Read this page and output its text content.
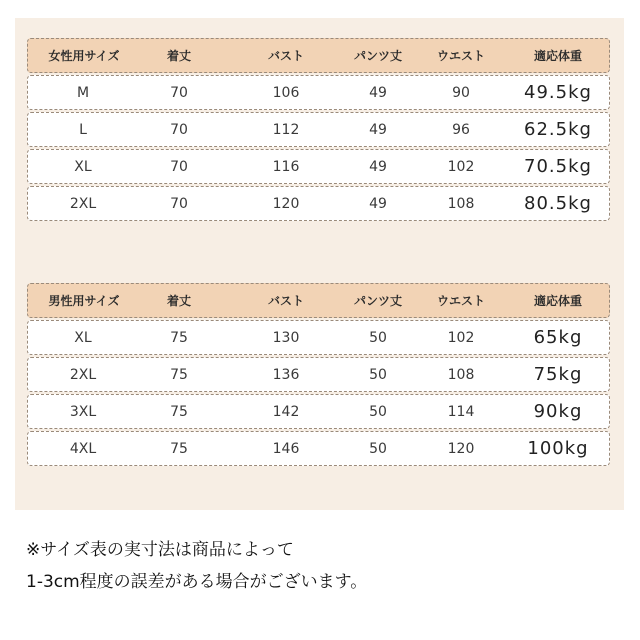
女性用サイズ	着丈	バスト	パンツ丈	ウエスト	適応体重
M	70	106	49	90	49.5kg
L	70	112	49	96	62.5kg
XL	70	116	49	102	70.5kg
2XL	70	120	49	108	80.5kg
男性用サイズ	着丈	バスト	パンツ丈	ウエスト	適応体重
XL	75	130	50	102	65kg
2XL	75	136	50	108	75kg
3XL	75	142	50	114	90kg
4XL	75	146	50	120	100kg
※サイズ表の実寸法は商品によって
1-3cm程度の誤差がある場合がございます。
